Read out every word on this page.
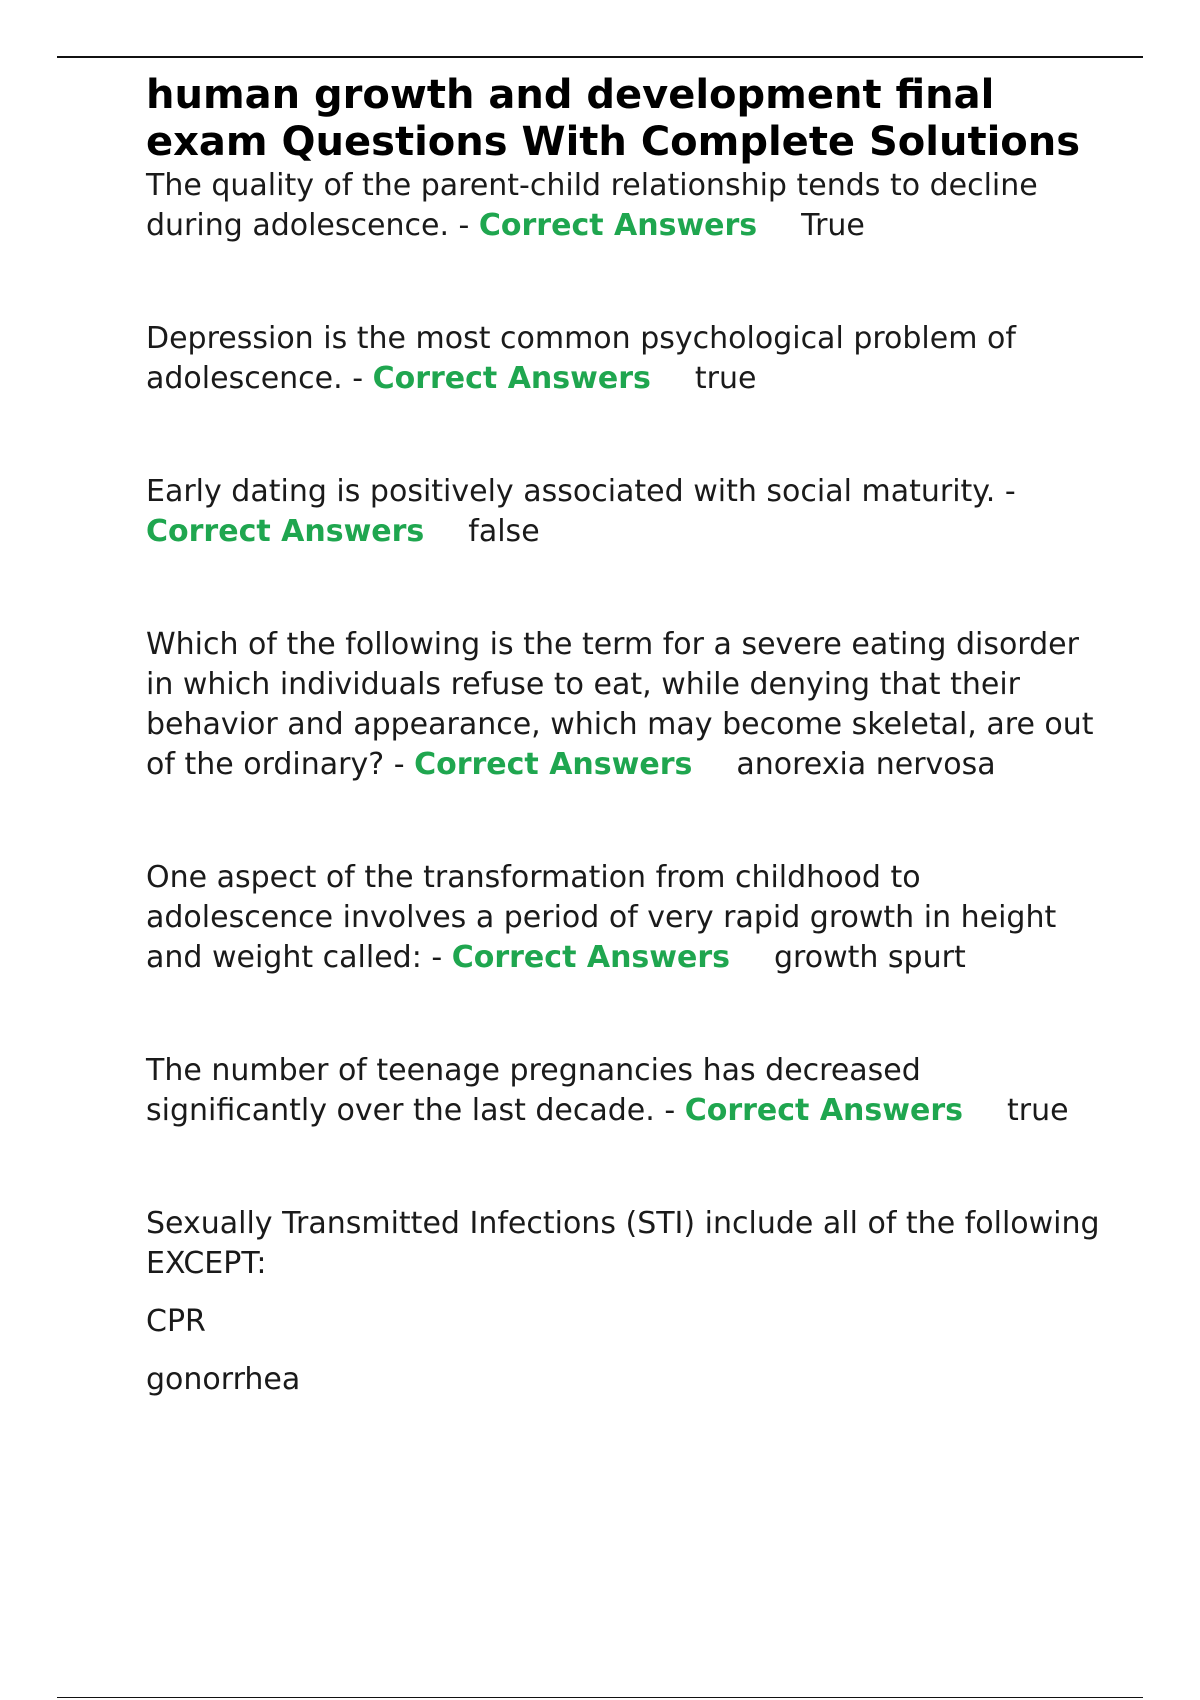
human growth and development final exam Questions With Complete Solutions

The quality of the parent-child relationship tends to decline during adolescence. - Correct Answers True

Depression is the most common psychological problem of adolescence. - Correct Answers true

Early dating is positively associated with social maturity. -
Correct Answers false

Which of the following is the term for a severe eating disorder in which individuals refuse to eat, while denying that their behavior and appearance, which may become skeletal, are out of the ordinary? - Correct Answers anorexia nervosa

One aspect of the transformation from childhood to adolescence involves a period of very rapid growth in height and weight called: - Correct Answers growth spurt

The number of teenage pregnancies has decreased significantly over the last decade. - Correct Answers true

Sexually Transmitted Infections (STI) include all of the following EXCEPT:

CPR

gonorrhea
